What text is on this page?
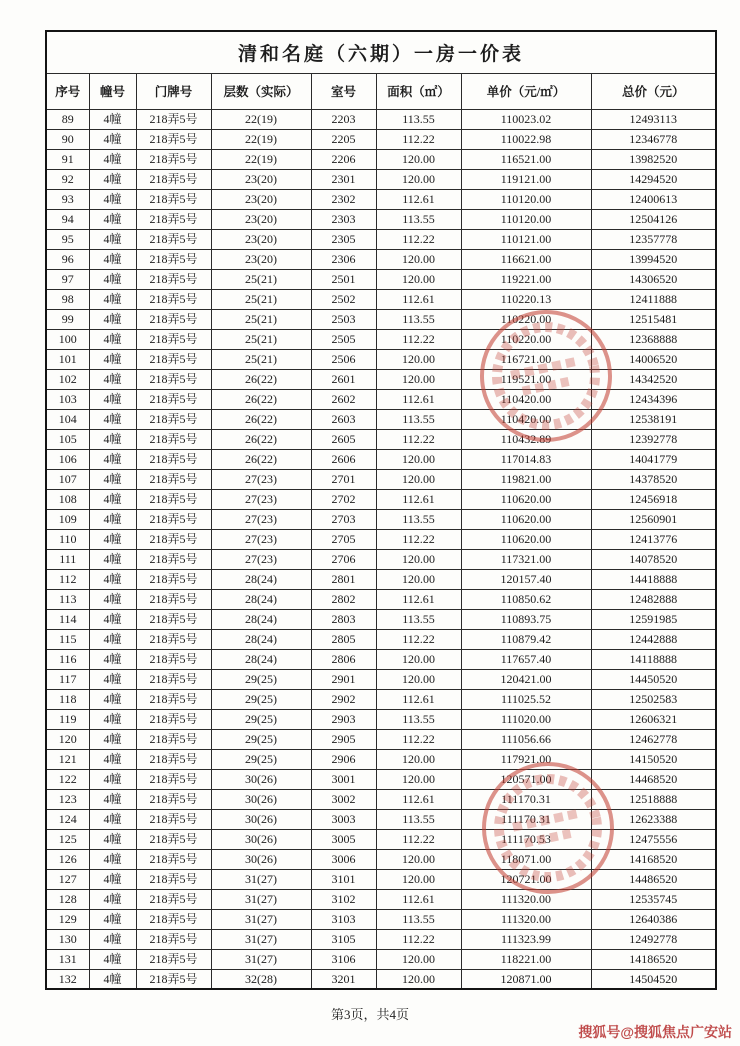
清和名庭（六期）一房一价表							
序号	幢号	门牌号	层数（实际）	室号	面积（㎡）	单价（元/㎡）	总价（元）
89	4幢	218弄5号	22(19)	2203	113.55	110023.02	12493113
90	4幢	218弄5号	22(19)	2205	112.22	110022.98	12346778
91	4幢	218弄5号	22(19)	2206	120.00	116521.00	13982520
92	4幢	218弄5号	23(20)	2301	120.00	119121.00	14294520
93	4幢	218弄5号	23(20)	2302	112.61	110120.00	12400613
94	4幢	218弄5号	23(20)	2303	113.55	110120.00	12504126
95	4幢	218弄5号	23(20)	2305	112.22	110121.00	12357778
96	4幢	218弄5号	23(20)	2306	120.00	116621.00	13994520
97	4幢	218弄5号	25(21)	2501	120.00	119221.00	14306520
98	4幢	218弄5号	25(21)	2502	112.61	110220.13	12411888
99	4幢	218弄5号	25(21)	2503	113.55	110220.00	12515481
100	4幢	218弄5号	25(21)	2505	112.22	110220.00	12368888
101	4幢	218弄5号	25(21)	2506	120.00	116721.00	14006520
102	4幢	218弄5号	26(22)	2601	120.00	119521.00	14342520
103	4幢	218弄5号	26(22)	2602	112.61	110420.00	12434396
104	4幢	218弄5号	26(22)	2603	113.55	110420.00	12538191
105	4幢	218弄5号	26(22)	2605	112.22	110432.89	12392778
106	4幢	218弄5号	26(22)	2606	120.00	117014.83	14041779
107	4幢	218弄5号	27(23)	2701	120.00	119821.00	14378520
108	4幢	218弄5号	27(23)	2702	112.61	110620.00	12456918
109	4幢	218弄5号	27(23)	2703	113.55	110620.00	12560901
110	4幢	218弄5号	27(23)	2705	112.22	110620.00	12413776
111	4幢	218弄5号	27(23)	2706	120.00	117321.00	14078520
112	4幢	218弄5号	28(24)	2801	120.00	120157.40	14418888
113	4幢	218弄5号	28(24)	2802	112.61	110850.62	12482888
114	4幢	218弄5号	28(24)	2803	113.55	110893.75	12591985
115	4幢	218弄5号	28(24)	2805	112.22	110879.42	12442888
116	4幢	218弄5号	28(24)	2806	120.00	117657.40	14118888
117	4幢	218弄5号	29(25)	2901	120.00	120421.00	14450520
118	4幢	218弄5号	29(25)	2902	112.61	111025.52	12502583
119	4幢	218弄5号	29(25)	2903	113.55	111020.00	12606321
120	4幢	218弄5号	29(25)	2905	112.22	111056.66	12462778
121	4幢	218弄5号	29(25)	2906	120.00	117921.00	14150520
122	4幢	218弄5号	30(26)	3001	120.00	120571.00	14468520
123	4幢	218弄5号	30(26)	3002	112.61	111170.31	12518888
124	4幢	218弄5号	30(26)	3003	113.55	111170.31	12623388
125	4幢	218弄5号	30(26)	3005	112.22	111170.53	12475556
126	4幢	218弄5号	30(26)	3006	120.00	118071.00	14168520
127	4幢	218弄5号	31(27)	3101	120.00	120721.00	14486520
128	4幢	218弄5号	31(27)	3102	112.61	111320.00	12535745
129	4幢	218弄5号	31(27)	3103	113.55	111320.00	12640386
130	4幢	218弄5号	31(27)	3105	112.22	111323.99	12492778
131	4幢	218弄5号	31(27)	3106	120.00	118221.00	14186520
132	4幢	218弄5号	32(28)	3201	120.00	120871.00	14504520
第3页，共4页
搜狐号@搜狐焦点广安站
